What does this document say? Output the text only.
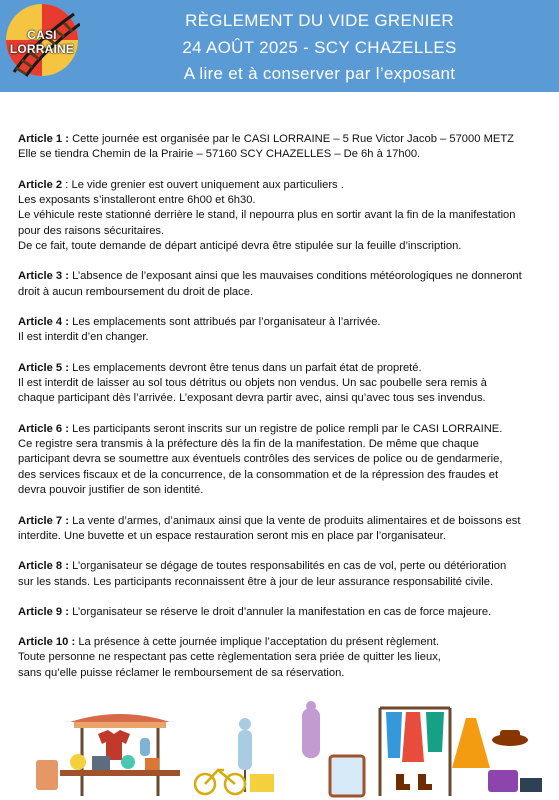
CASI
LORRAINE
RÈGLEMENT DU VIDE GRENIER
24 AOÛT 2025 - SCY CHAZELLES
A lire et à conserver par l’exposant

Article 1 : Cette journée est organisée par le CASI LORRAINE – 5 Rue Victor Jacob – 57000 METZ

Elle se tiendra Chemin de la Prairie – 57160 SCY CHAZELLES – De 6h à 17h00.

Article 2 : Le vide grenier est ouvert uniquement aux particuliers .

Les exposants s’installeront entre 6h00 et 6h30.

Le véhicule reste stationné derrière le stand, il nepourra plus en sortir avant la fin de la manifestation

pour des raisons sécuritaires.

De ce fait, toute demande de départ anticipé devra être stipulée sur la feuille d’inscription.

Article 3 : L’absence de l’exposant ainsi que les mauvaises conditions météorologiques ne donneront

droit à aucun remboursement du droit de place.

Article 4 : Les emplacements sont attribués par l’organisateur à l’arrivée.

Il est interdit d’en changer.

Article 5 : Les emplacements devront être tenus dans un parfait état de propreté.

Il est interdit de laisser au sol tous détritus ou objets non vendus. Un sac poubelle sera remis à

chaque participant dès l’arrivée. L’exposant devra partir avec, ainsi qu’avec tous ses invendus.

Article 6 : Les participants seront inscrits sur un registre de police rempli par le CASI LORRAINE.

Ce registre sera transmis à la préfecture dès la fin de la manifestation. De même que chaque

participant devra se soumettre aux éventuels contrôles des services de police ou de gendarmerie,

des services fiscaux et de la concurrence, de la consommation et de la répression des fraudes et

devra pouvoir justifier de son identité.

Article 7 : La vente d’armes, d’animaux ainsi que la vente de produits alimentaires et de boissons est

interdite. Une buvette et un espace restauration seront mis en place par l’organisateur.

Article 8 : L’organisateur se dégage de toutes responsabilités en cas de vol, perte ou détérioration

sur les stands. Les participants reconnaissent être à jour de leur assurance responsabilité civile.

Article 9 : L’organisateur se réserve le droit d’annuler la manifestation en cas de force majeure.

Article 10 : La présence à cette journée implique l’acceptation du présent règlement.

Toute personne ne respectant pas cette règlementation sera priée de quitter les lieux,

sans qu’elle puisse réclamer le remboursement de sa réservation.
